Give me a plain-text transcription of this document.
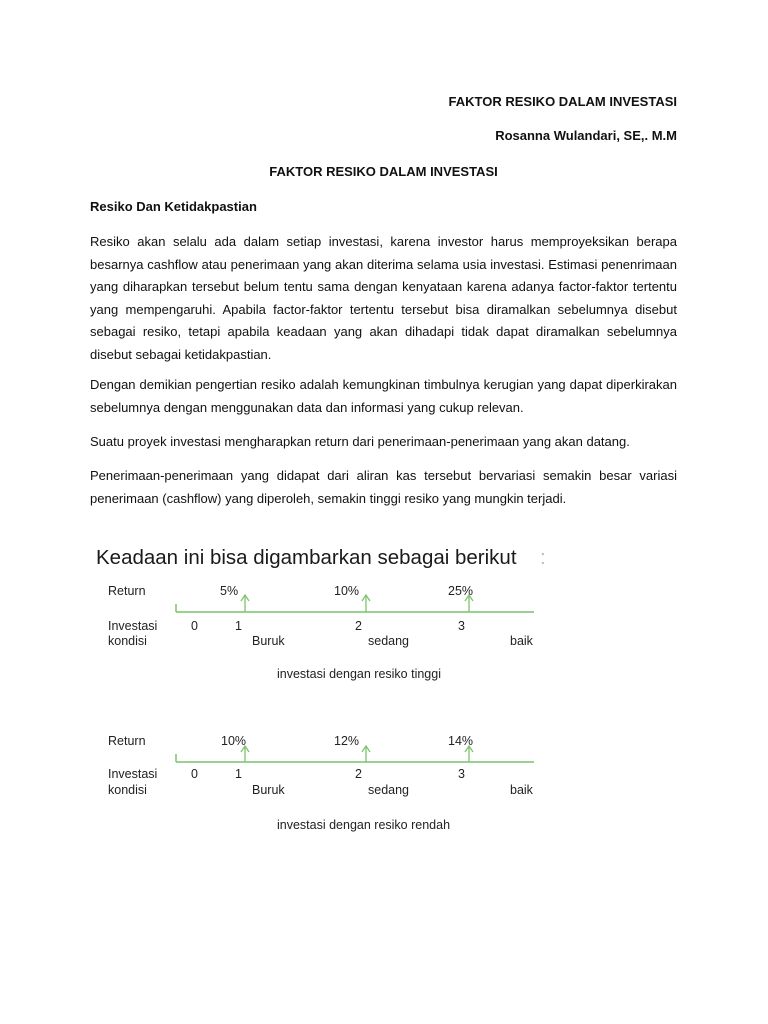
FAKTOR RESIKO DALAM INVESTASI
Rosanna Wulandari, SE,. M.M
FAKTOR RESIKO DALAM INVESTASI
Resiko Dan Ketidakpastian

Resiko akan selalu ada dalam setiap investasi, karena investor harus memproyeksikan berapa besarnya cashflow atau penerimaan yang akan diterima selama usia investasi. Estimasi penenrimaan yang diharapkan tersebut belum tentu sama dengan kenyataan karena adanya factor-faktor tertentu yang mempengaruhi. Apabila factor-faktor tertentu tersebut bisa diramalkan sebelumnya disebut sebagai resiko, tetapi apabila keadaan yang akan dihadapi tidak dapat diramalkan sebelumnya disebut sebagai ketidakpastian.

Dengan demikian pengertian resiko adalah kemungkinan timbulnya kerugian yang dapat diperkirakan sebelumnya dengan menggunakan data dan informasi yang cukup relevan.

Suatu proyek investasi mengharapkan return dari penerimaan-penerimaan yang akan datang.

Penerimaan-penerimaan yang didapat dari aliran kas tersebut bervariasi semakin besar variasi penerimaan (cashflow) yang diperoleh, semakin tinggi resiko yang mungkin terjadi.

Keadaan ini bisa digambarkan sebagai berikut :
Return	5%	10%	25%
Investasi
kondisi
0	1	2	3
Buruk	sedang	baik
investasi dengan resiko tinggi
Return	10%	12%	14%
Investasi
kondisi
0	1	2	3
Buruk	sedang	baik
investasi dengan resiko rendah
